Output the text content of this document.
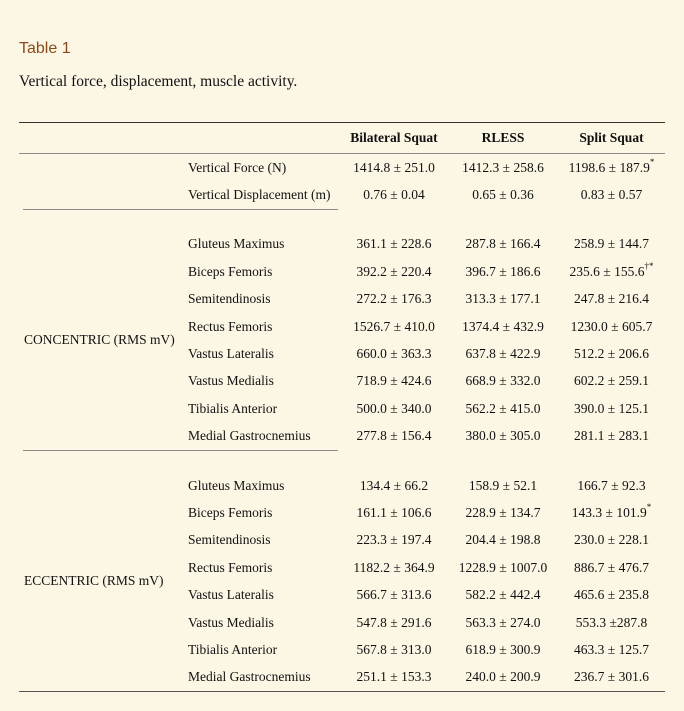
Table 1

Vertical force, displacement, muscle activity.

		Bilateral Squat	RLESS	Split Squat
	Vertical Force (N)	1414.8 ± 251.0	1412.3 ± 258.6	1198.6 ± 187.9*
	Vertical Displacement (m)	0.76 ± 0.04	0.65 ± 0.36	0.83 ± 0.57

CONCENTRIC (RMS mV)	Gluteus Maximus	361.1 ± 228.6	287.8 ± 166.4	258.9 ± 144.7
	Biceps Femoris	392.2 ± 220.4	396.7 ± 186.6	235.6 ± 155.6†*
	Semitendinosis	272.2 ± 176.3	313.3 ± 177.1	247.8 ± 216.4
	Rectus Femoris	1526.7 ± 410.0	1374.4 ± 432.9	1230.0 ± 605.7
	Vastus Lateralis	660.0 ± 363.3	637.8 ± 422.9	512.2 ± 206.6
	Vastus Medialis	718.9 ± 424.6	668.9 ± 332.0	602.2 ± 259.1
	Tibialis Anterior	500.0 ± 340.0	562.2 ± 415.0	390.0 ± 125.1
	Medial Gastrocnemius	277.8 ± 156.4	380.0 ± 305.0	281.1 ± 283.1

ECCENTRIC (RMS mV)	Gluteus Maximus	134.4 ± 66.2	158.9 ± 52.1	166.7 ± 92.3
	Biceps Femoris	161.1 ± 106.6	228.9 ± 134.7	143.3 ± 101.9*
	Semitendinosis	223.3 ± 197.4	204.4 ± 198.8	230.0 ± 228.1
	Rectus Femoris	1182.2 ± 364.9	1228.9 ± 1007.0	886.7 ± 476.7
	Vastus Lateralis	566.7 ± 313.6	582.2 ± 442.4	465.6 ± 235.8
	Vastus Medialis	547.8 ± 291.6	563.3 ± 274.0	553.3 ±287.8
	Tibialis Anterior	567.8 ± 313.0	618.9 ± 300.9	463.3 ± 125.7
	Medial Gastrocnemius	251.1 ± 153.3	240.0 ± 200.9	236.7 ± 301.6
